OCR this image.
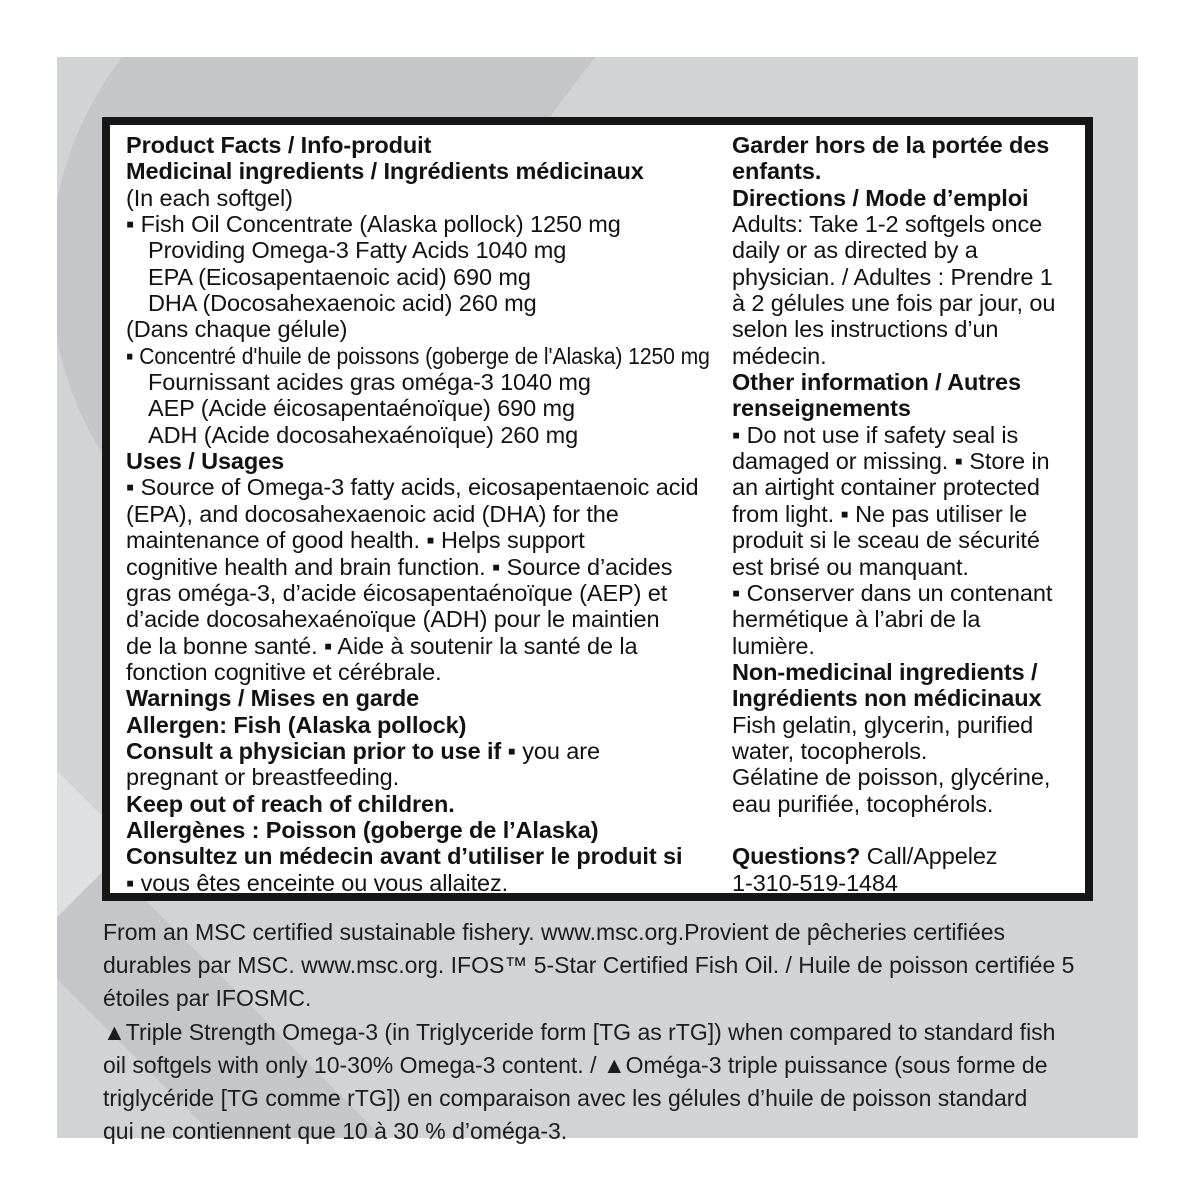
Product Facts / Info-produit
Medicinal ingredients / Ingrédients médicinaux
(In each softgel)
▪ Fish Oil Concentrate (Alaska pollock) 1250 mg
Providing Omega-3 Fatty Acids 1040 mg
EPA (Eicosapentaenoic acid) 690 mg
DHA (Docosahexaenoic acid) 260 mg
(Dans chaque gélule)
▪ Concentré d'huile de poissons (goberge de l'Alaska) 1250 mg
Fournissant acides gras oméga-3 1040 mg
AEP (Acide éicosapentaénoïque) 690 mg
ADH (Acide docosahexaénoïque) 260 mg
Uses / Usages
▪ Source of Omega-3 fatty acids, eicosapentaenoic acid
(EPA), and docosahexaenoic acid (DHA) for the
maintenance of good health. ▪ Helps support
cognitive health and brain function. ▪ Source d’acides
gras oméga-3, d’acide éicosapentaénoïque (AEP) et
d’acide docosahexaénoïque (ADH) pour le maintien
de la bonne santé. ▪ Aide à soutenir la santé de la
fonction cognitive et cérébrale.
Warnings / Mises en garde
Allergen: Fish (Alaska pollock)
Consult a physician prior to use if ▪ you are
pregnant or breastfeeding.
Keep out of reach of children.
Allergènes : Poisson (goberge de l’Alaska)
Consultez un médecin avant d’utiliser le produit si
▪ vous êtes enceinte ou vous allaitez.
Garder hors de la portée des
enfants.
Directions / Mode d’emploi
Adults: Take 1-2 softgels once
daily or as directed by a
physician. / Adultes : Prendre 1
à 2 gélules une fois par jour, ou
selon les instructions d’un
médecin.
Other information / Autres
renseignements
▪ Do not use if safety seal is
damaged or missing. ▪ Store in
an airtight container protected
from light. ▪ Ne pas utiliser le
produit si le sceau de sécurité
est brisé ou manquant.
▪ Conserver dans un contenant
hermétique à l’abri de la
lumière.
Non-medicinal ingredients /
Ingrédients non médicinaux
Fish gelatin, glycerin, purified
water, tocopherols.
Gélatine de poisson, glycérine,
eau purifiée, tocophérols.
Questions? Call/Appelez
1-310-519-1484
From an MSC certified sustainable fishery. www.msc.org.Provient de pêcheries certifiées
durables par MSC. www.msc.org. IFOS™ 5-Star Certified Fish Oil. / Huile de poisson certifiée 5
étoiles par IFOSMC.
▲Triple Strength Omega-3 (in Triglyceride form [TG as rTG]) when compared to standard fish
oil softgels with only 10-30% Omega-3 content. / ▲Oméga-3 triple puissance (sous forme de
triglycéride [TG comme rTG]) en comparaison avec les gélules d’huile de poisson standard
qui ne contiennent que 10 à 30 % d’oméga-3.
